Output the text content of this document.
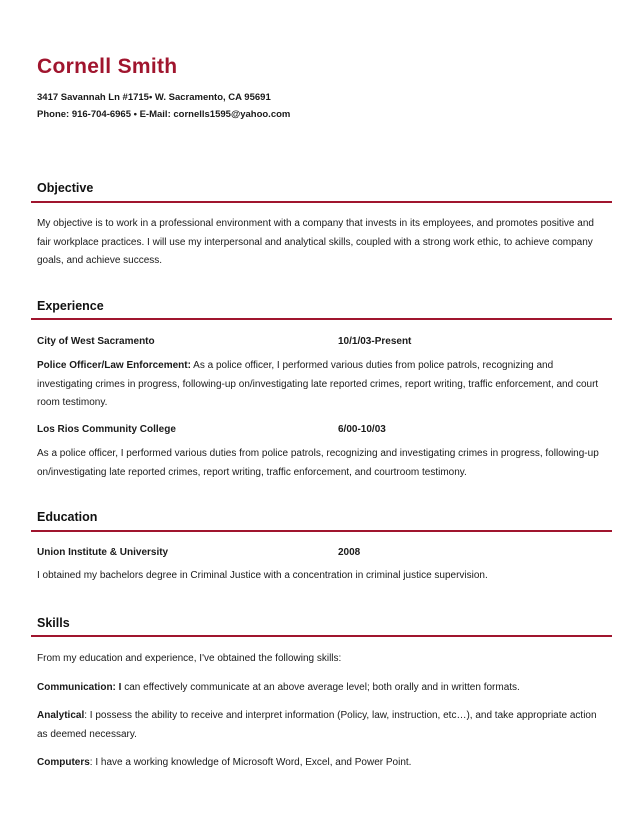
Cornell Smith
3417 Savannah Ln #1715• W. Sacramento, CA 95691
Phone: 916-704-6965 • E-Mail: cornells1595@yahoo.com
Objective
My objective is to work in a professional environment with a company that invests in its employees, and promotes positive and fair workplace practices. I will use my interpersonal and analytical skills, coupled with a strong work ethic, to achieve company goals, and achieve success.
Experience
City of West Sacramento	10/1/03-Present
Police Officer/Law Enforcement: As a police officer, I performed various duties from police patrols, recognizing and investigating crimes in progress, following-up on/investigating late reported crimes, report writing, traffic enforcement, and court room testimony.
Los Rios Community College	6/00-10/03
As a police officer, I performed various duties from police patrols, recognizing and investigating crimes in progress, following-up on/investigating late reported crimes, report writing, traffic enforcement, and courtroom testimony.
Education
Union Institute & University	2008
I obtained my bachelors degree in Criminal Justice with a concentration in criminal justice supervision.
Skills
From my education and experience, I've obtained the following skills:
Communication: I can effectively communicate at an above average level; both orally and in written formats.
Analytical: I possess the ability to receive and interpret information (Policy, law, instruction, etc…), and take appropriate action as deemed necessary.
Computers: I have a working knowledge of Microsoft Word, Excel, and Power Point.
